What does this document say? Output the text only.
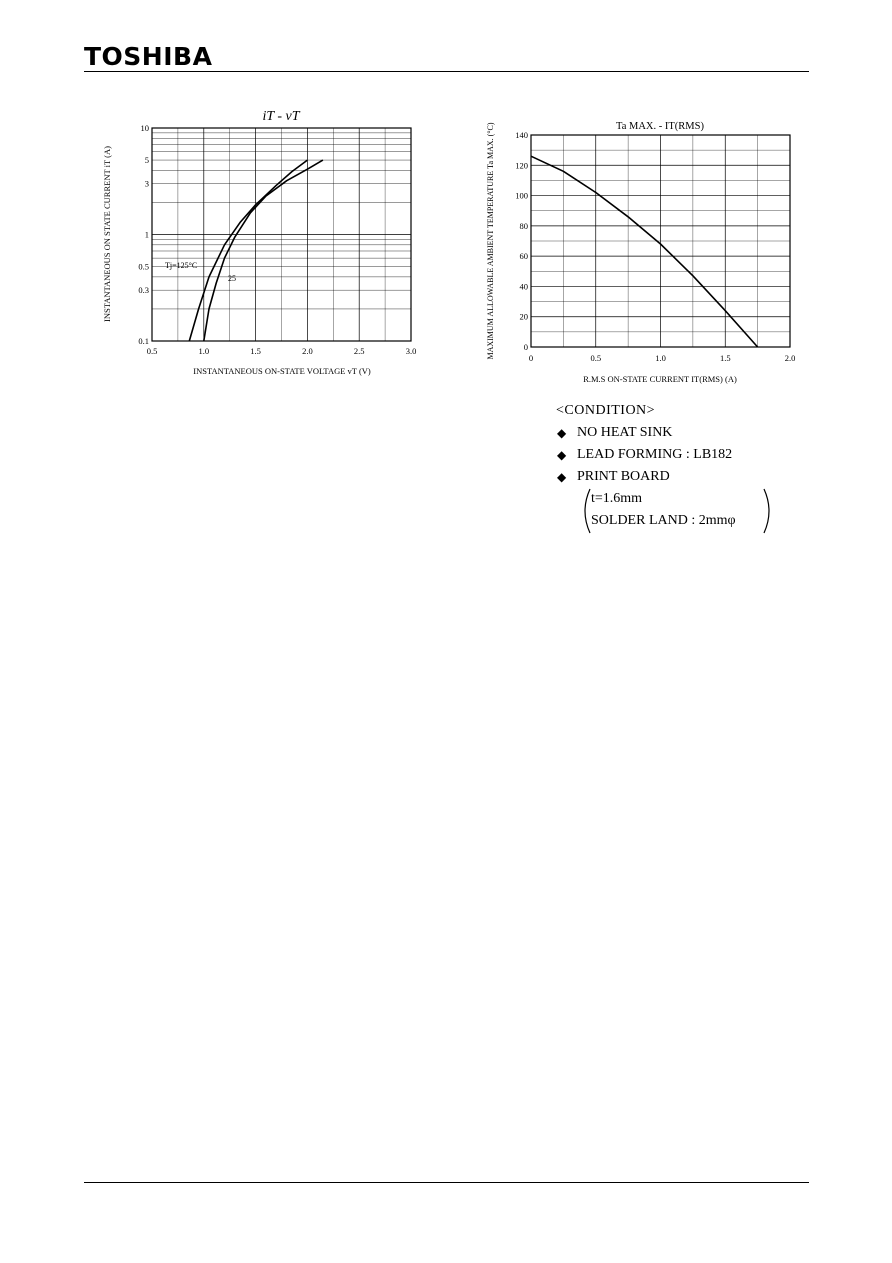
TOSHIBA
iT - vT
INSTANTANEOUS ON STATE CURRENT iT (A)
INSTANTANEOUS ON-STATE VOLTAGE vT (V)
0.5	1.0	1.5	2.0	2.5	3.0
10
5
3
1
0.5
0.3
0.1
Tj=125°C
25
Ta MAX. - IT(RMS)
MAXIMUM ALLOWABLE AMBIENT TEMPERATURE Ta MAX. (°C)
R.M.S ON-STATE CURRENT IT(RMS) (A)
0	0.5	1.0	1.5	2.0
140
120
100
80
60
40
20
0
<CONDITION>
◆ NO HEAT SINK
◆ LEAD FORMING : LB182
◆ PRINT BOARD
t=1.6mm
SOLDER LAND : 2mmφ
